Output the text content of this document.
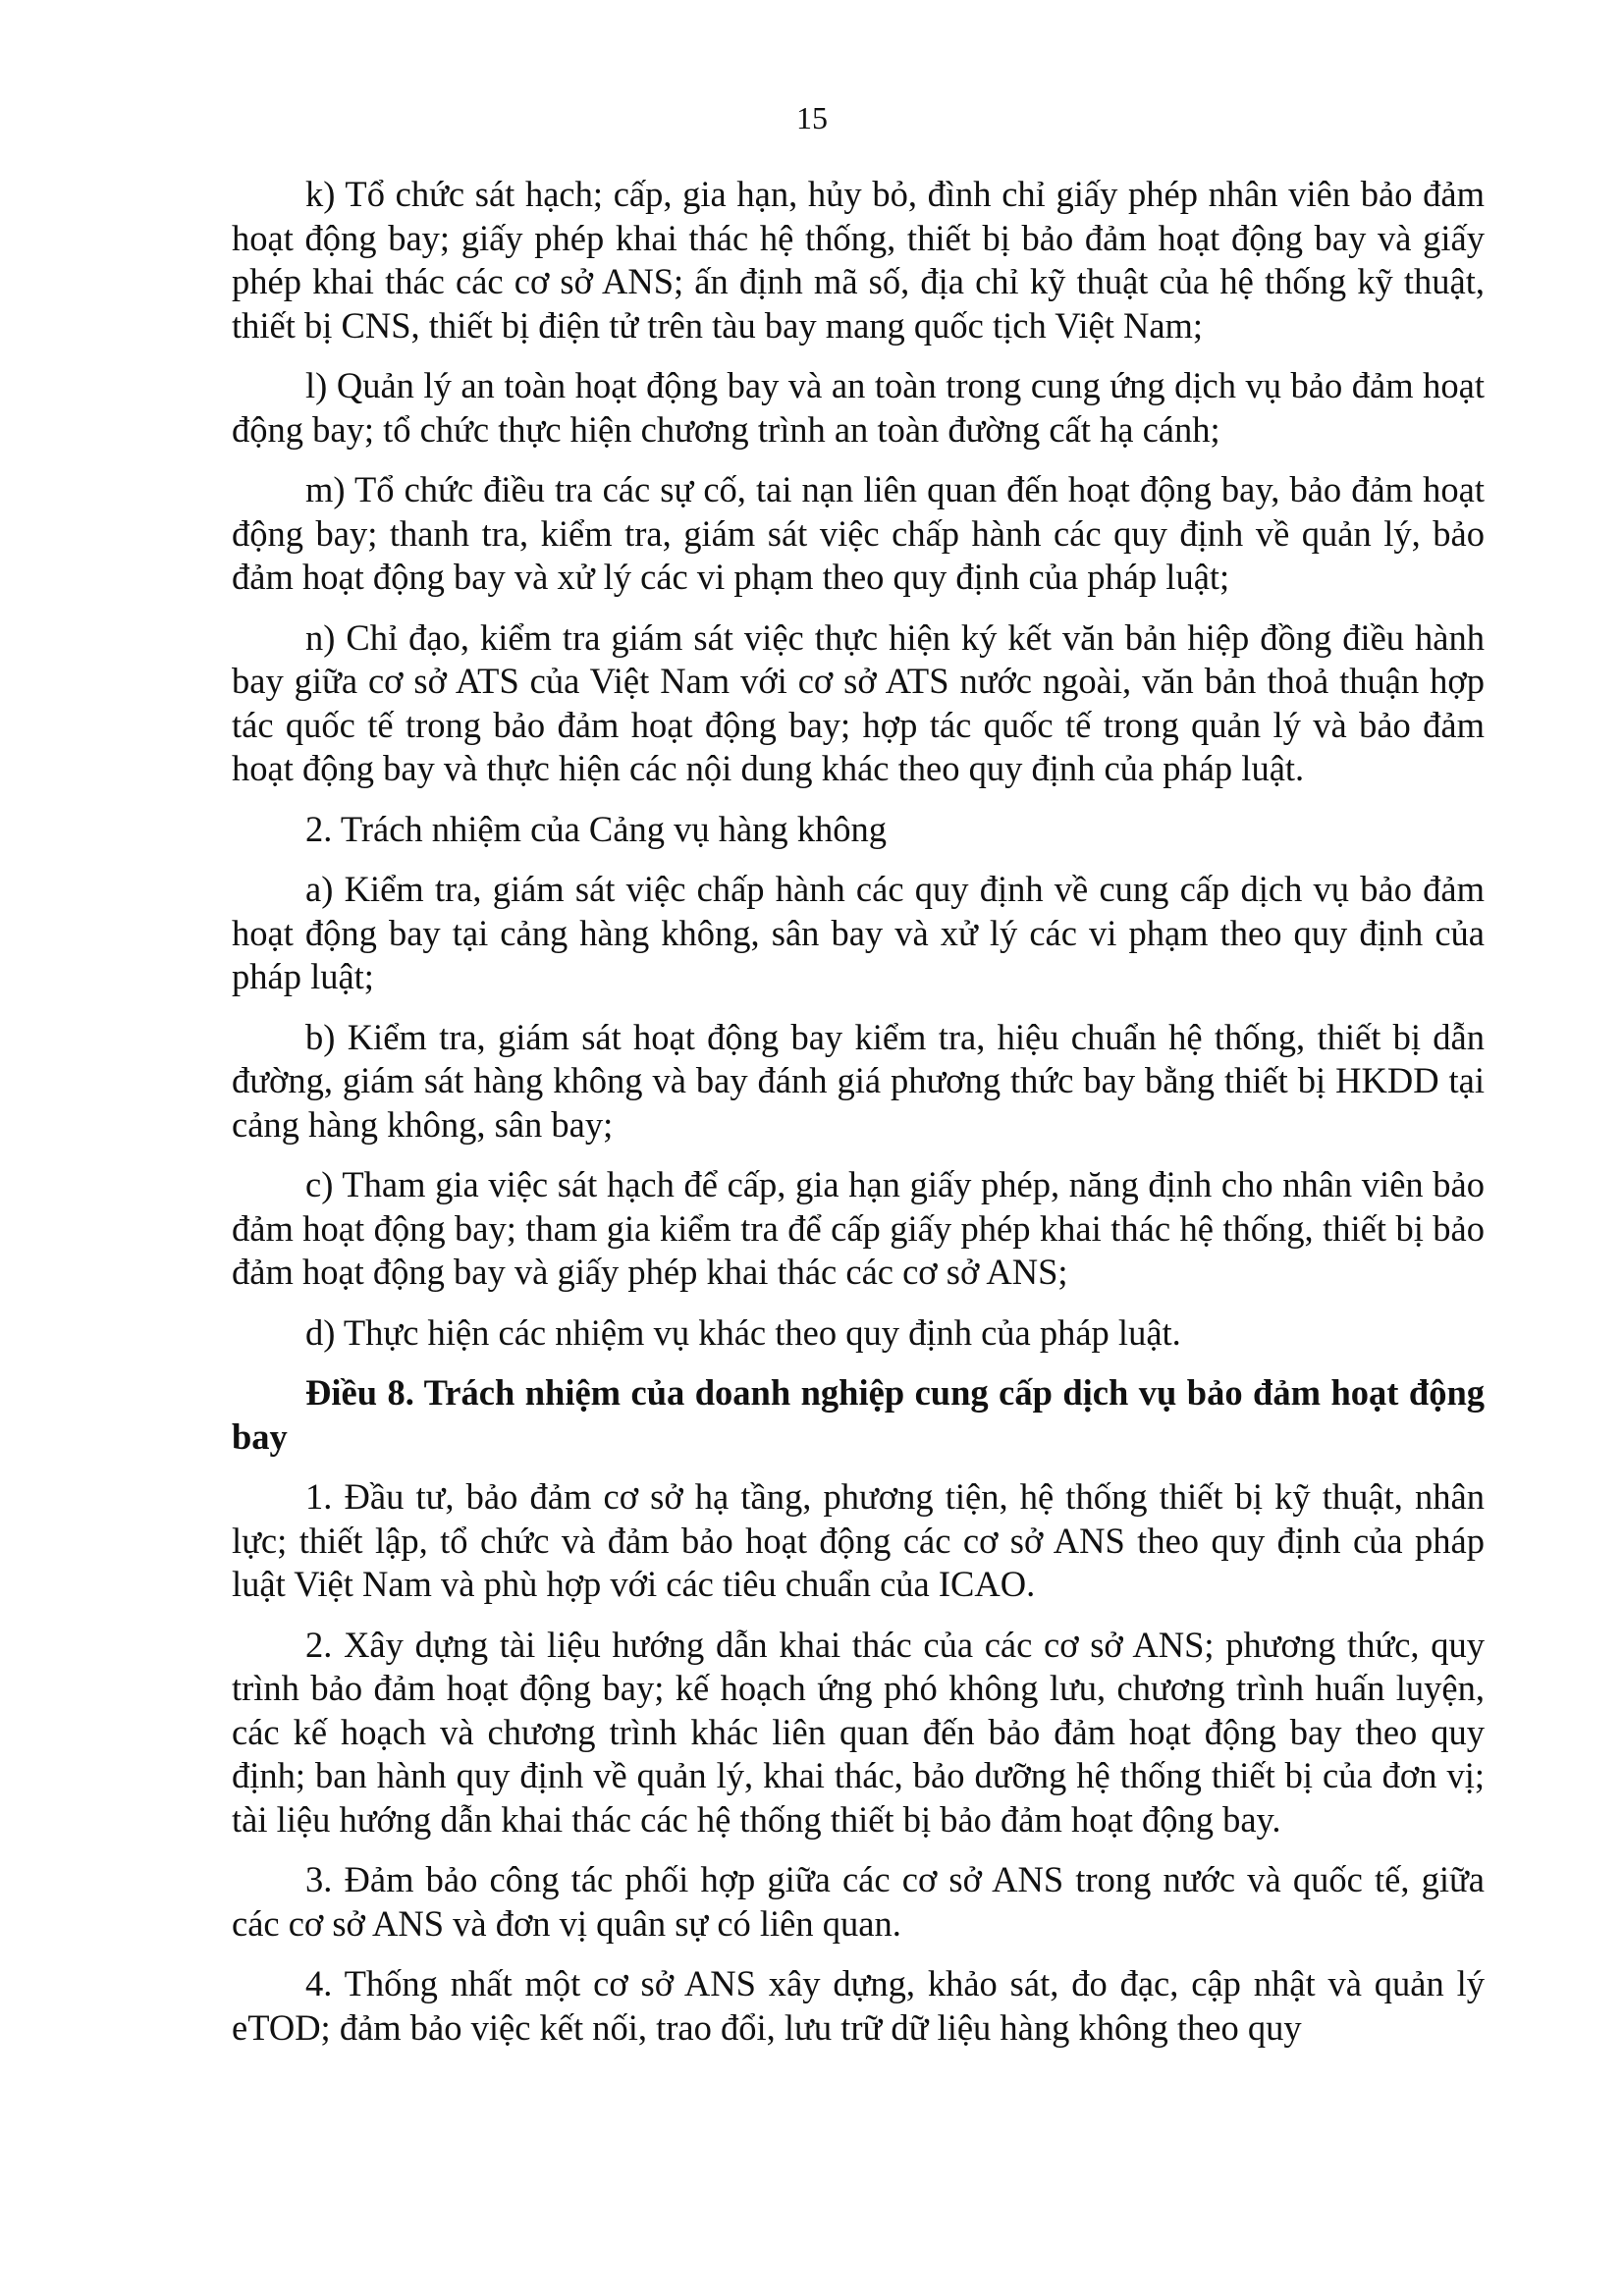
15

k) Tổ chức sát hạch; cấp, gia hạn, hủy bỏ, đình chỉ giấy phép nhân viên bảo đảm hoạt động bay; giấy phép khai thác hệ thống, thiết bị bảo đảm hoạt động bay và giấy phép khai thác các cơ sở ANS; ấn định mã số, địa chỉ kỹ thuật của hệ thống kỹ thuật, thiết bị CNS, thiết bị điện tử trên tàu bay mang quốc tịch Việt Nam;

l) Quản lý an toàn hoạt động bay và an toàn trong cung ứng dịch vụ bảo đảm hoạt động bay; tổ chức thực hiện chương trình an toàn đường cất hạ cánh;

m) Tổ chức điều tra các sự cố, tai nạn liên quan đến hoạt động bay, bảo đảm hoạt động bay; thanh tra, kiểm tra, giám sát việc chấp hành các quy định về quản lý, bảo đảm hoạt động bay và xử lý các vi phạm theo quy định của pháp luật;

n) Chỉ đạo, kiểm tra giám sát việc thực hiện ký kết văn bản hiệp đồng điều hành bay giữa cơ sở ATS của Việt Nam với cơ sở ATS nước ngoài, văn bản thoả thuận hợp tác quốc tế trong bảo đảm hoạt động bay; hợp tác quốc tế trong quản lý và bảo đảm hoạt động bay và thực hiện các nội dung khác theo quy định của pháp luật.

2. Trách nhiệm của Cảng vụ hàng không

a) Kiểm tra, giám sát việc chấp hành các quy định về cung cấp dịch vụ bảo đảm hoạt động bay tại cảng hàng không, sân bay và xử lý các vi phạm theo quy định của pháp luật;

b) Kiểm tra, giám sát hoạt động bay kiểm tra, hiệu chuẩn hệ thống, thiết bị dẫn đường, giám sát hàng không và bay đánh giá phương thức bay bằng thiết bị HKDD tại cảng hàng không, sân bay;

c) Tham gia việc sát hạch để cấp, gia hạn giấy phép, năng định cho nhân viên bảo đảm hoạt động bay; tham gia kiểm tra để cấp giấy phép khai thác hệ thống, thiết bị bảo đảm hoạt động bay và giấy phép khai thác các cơ sở ANS;

d) Thực hiện các nhiệm vụ khác theo quy định của pháp luật.

Điều 8. Trách nhiệm của doanh nghiệp cung cấp dịch vụ bảo đảm hoạt động bay

1. Đầu tư, bảo đảm cơ sở hạ tầng, phương tiện, hệ thống thiết bị kỹ thuật, nhân lực; thiết lập, tổ chức và đảm bảo hoạt động các cơ sở ANS theo quy định của pháp luật Việt Nam và phù hợp với các tiêu chuẩn của ICAO.

2. Xây dựng tài liệu hướng dẫn khai thác của các cơ sở ANS; phương thức, quy trình bảo đảm hoạt động bay; kế hoạch ứng phó không lưu, chương trình huấn luyện, các kế hoạch và chương trình khác liên quan đến bảo đảm hoạt động bay theo quy định; ban hành quy định về quản lý, khai thác, bảo dưỡng hệ thống thiết bị của đơn vị; tài liệu hướng dẫn khai thác các hệ thống thiết bị bảo đảm hoạt động bay.

3. Đảm bảo công tác phối hợp giữa các cơ sở ANS trong nước và quốc tế, giữa các cơ sở ANS và đơn vị quân sự có liên quan.

4. Thống nhất một cơ sở ANS xây dựng, khảo sát, đo đạc, cập nhật và quản lý eTOD; đảm bảo việc kết nối, trao đổi, lưu trữ dữ liệu hàng không theo quy
